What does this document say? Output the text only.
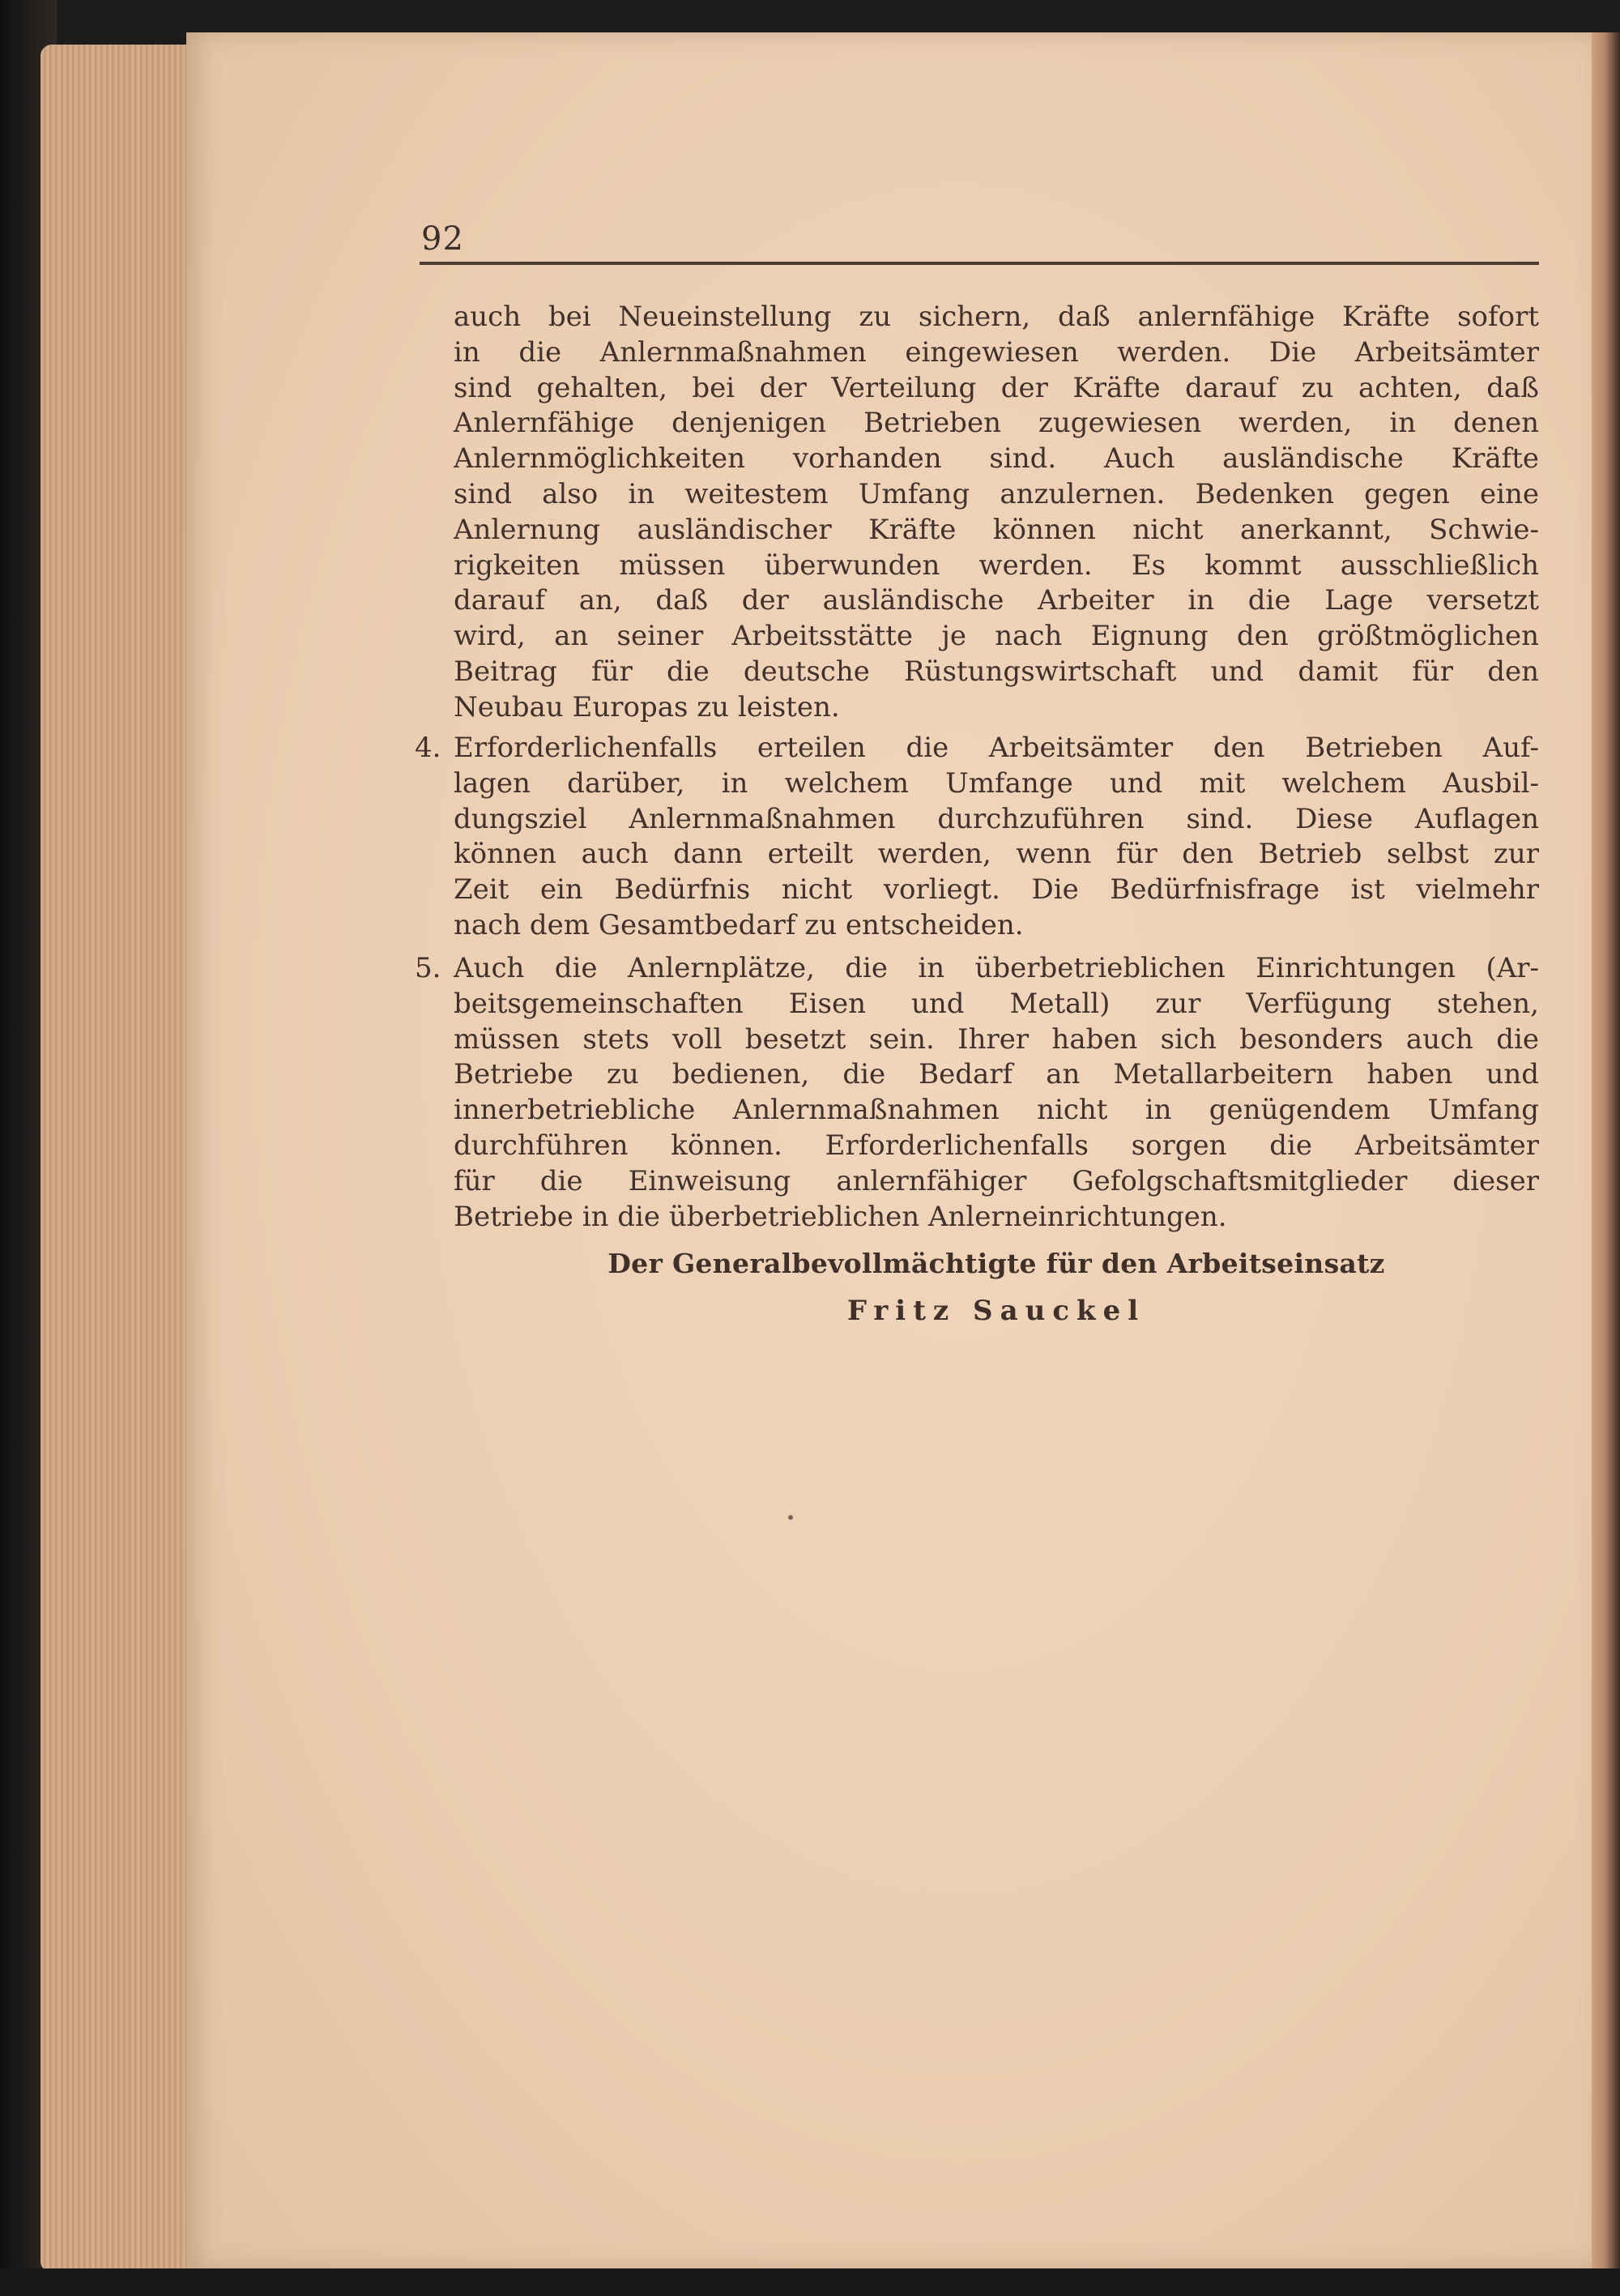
92
auch bei Neueinstellung zu sichern, daß anlernfähige Kräfte sofort
in die Anlernmaßnahmen eingewiesen werden. Die Arbeitsämter
sind gehalten, bei der Verteilung der Kräfte darauf zu achten, daß
Anlernfähige denjenigen Betrieben zugewiesen werden, in denen
Anlernmöglichkeiten vorhanden sind. Auch ausländische Kräfte
sind also in weitestem Umfang anzulernen. Bedenken gegen eine
Anlernung ausländischer Kräfte können nicht anerkannt, Schwie-
rigkeiten müssen überwunden werden. Es kommt ausschließlich
darauf an, daß der ausländische Arbeiter in die Lage versetzt
wird, an seiner Arbeitsstätte je nach Eignung den größtmöglichen
Beitrag für die deutsche Rüstungswirtschaft und damit für den
Neubau Europas zu leisten.
4. Erforderlichenfalls erteilen die Arbeitsämter den Betrieben Auf-
lagen darüber, in welchem Umfange und mit welchem Ausbil-
dungsziel Anlernmaßnahmen durchzuführen sind. Diese Auflagen
können auch dann erteilt werden, wenn für den Betrieb selbst zur
Zeit ein Bedürfnis nicht vorliegt. Die Bedürfnisfrage ist vielmehr
nach dem Gesamtbedarf zu entscheiden.
5. Auch die Anlernplätze, die in überbetrieblichen Einrichtungen (Ar-
beitsgemeinschaften Eisen und Metall) zur Verfügung stehen,
müssen stets voll besetzt sein. Ihrer haben sich besonders auch die
Betriebe zu bedienen, die Bedarf an Metallarbeitern haben und
innerbetriebliche Anlernmaßnahmen nicht in genügendem Umfang
durchführen können. Erforderlichenfalls sorgen die Arbeitsämter
für die Einweisung anlernfähiger Gefolgschaftsmitglieder dieser
Betriebe in die überbetrieblichen Anlerneinrichtungen.
Der Generalbevollmächtigte für den Arbeitseinsatz
Fritz Sauckel
